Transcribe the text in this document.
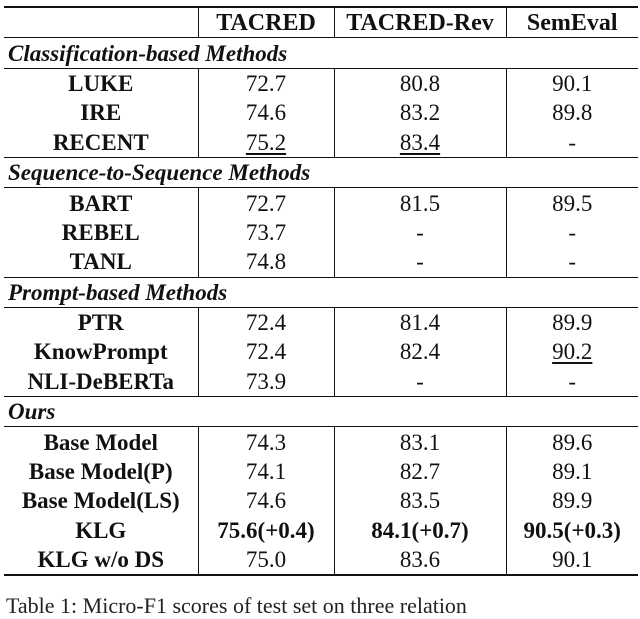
	TACRED	TACRED-Rev	SemEval
Classification-based Methods			
LUKE	72.7	80.8	90.1
IRE	74.6	83.2	89.8
RECENT	75.2	83.4	-
Sequence-to-Sequence Methods			
BART	72.7	81.5	89.5
REBEL	73.7	-	-
TANL	74.8	-	-
Prompt-based Methods			
PTR	72.4	81.4	89.9
KnowPrompt	72.4	82.4	90.2
NLI-DeBERTa	73.9	-	-
Ours			
Base Model	74.3	83.1	89.6
Base Model(P)	74.1	82.7	89.1
Base Model(LS)	74.6	83.5	89.9
KLG	75.6(+0.4)	84.1(+0.7)	90.5(+0.3)
KLG w/o DS	75.0	83.6	90.1
Table 1: Micro-F1 scores of test set on three relation
